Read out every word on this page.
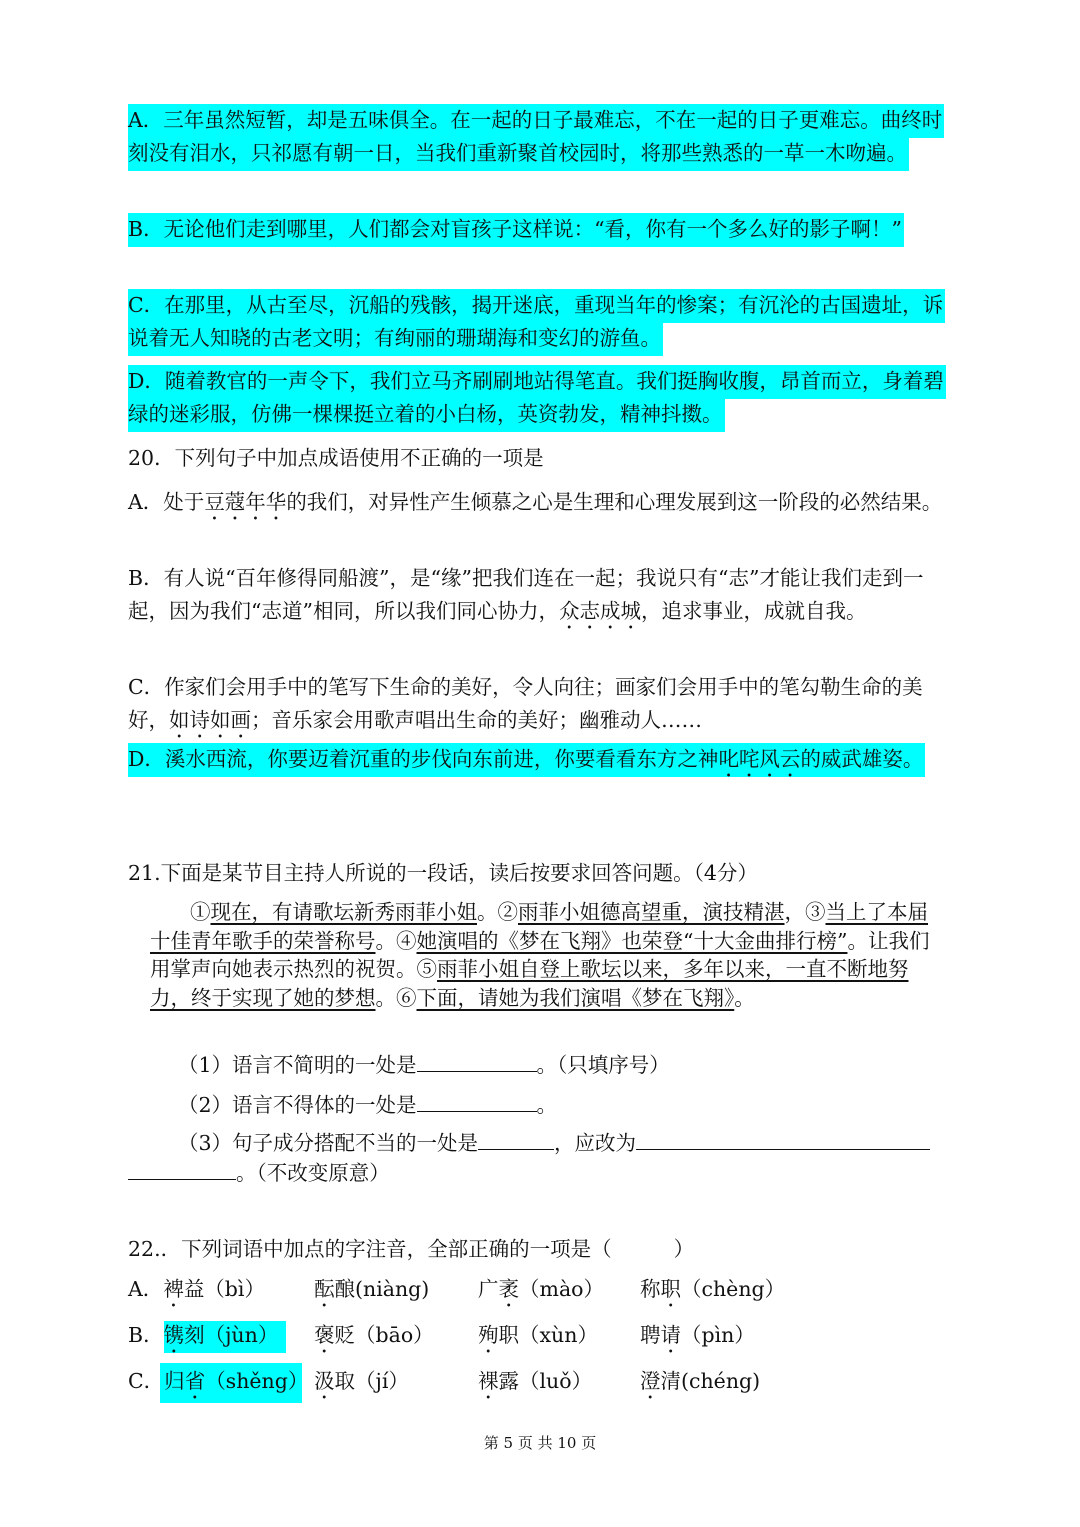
A．三年虽然短暂，却是五味俱全。在一起的日子最难忘，不在一起的日子更难忘。曲终时刻没有泪水，只祁愿有朝一日，当我们重新聚首校园时，将那些熟悉的一草一木吻遍。
B．无论他们走到哪里，人们都会对盲孩子这样说：“看，你有一个多么好的影子啊！”
C．在那里，从古至尽，沉船的残骸，揭开迷底，重现当年的惨案；有沉沦的古国遗址，诉说着无人知晓的古老文明；有绚丽的珊瑚海和变幻的游鱼。
D．随着教官的一声令下，我们立马齐刷刷地站得笔直。我们挺胸收腹，昂首而立，身着碧绿的迷彩服，仿佛一棵棵挺立着的小白杨，英资勃发，精神抖擞。
20．下列句子中加点成语使用不正确的一项是
A．处于豆蔻年华的我们，对异性产生倾慕之心是生理和心理发展到这一阶段的必然结果。
B．有人说“百年修得同船渡”，是“缘”把我们连在一起；我说只有“志”才能让我们走到一起，因为我们“志道”相同，所以我们同心协力，众志成城，追求事业，成就自我。
C．作家们会用手中的笔写下生命的美好，令人向往；画家们会用手中的笔勾勒生命的美好，如诗如画；音乐家会用歌声唱出生命的美好；幽雅动人……
D．溪水西流，你要迈着沉重的步伐向东前进，你要看看东方之神叱咤风云的威武雄姿。
21.下面是某节目主持人所说的一段话，读后按要求回答问题。（4分）
①现在，有请歌坛新秀雨菲小姐。②雨菲小姐德高望重，演技精湛，③当上了本届十佳青年歌手的荣誉称号。④她演唱的《梦在飞翔》也荣登“十大金曲排行榜”。让我们用掌声向她表示热烈的祝贺。⑤雨菲小姐自登上歌坛以来，多年以来，一直不断地努力，终于实现了她的梦想。⑥下面，请她为我们演唱《梦在飞翔》。
（1）语言不简明的一处是	。（只填序号）
（2）语言不得体的一处是	。
（3）句子成分搭配不当的一处是	，应改为
。（不改变原意）
22.．下列词语中加点的字注音，全部正确的一项是（	）
A．裨益（bì） 酝酿(niàng) 广袤（mào） 称职（chèng）
B．镌刻（jùn）	褒贬（bāo） 殉职（xùn） 聘请（pìn）
C．归省（shěng） 汲取（jí）	裸露（luǒ） 澄清(chéng)
第 5 页 共 10 页
